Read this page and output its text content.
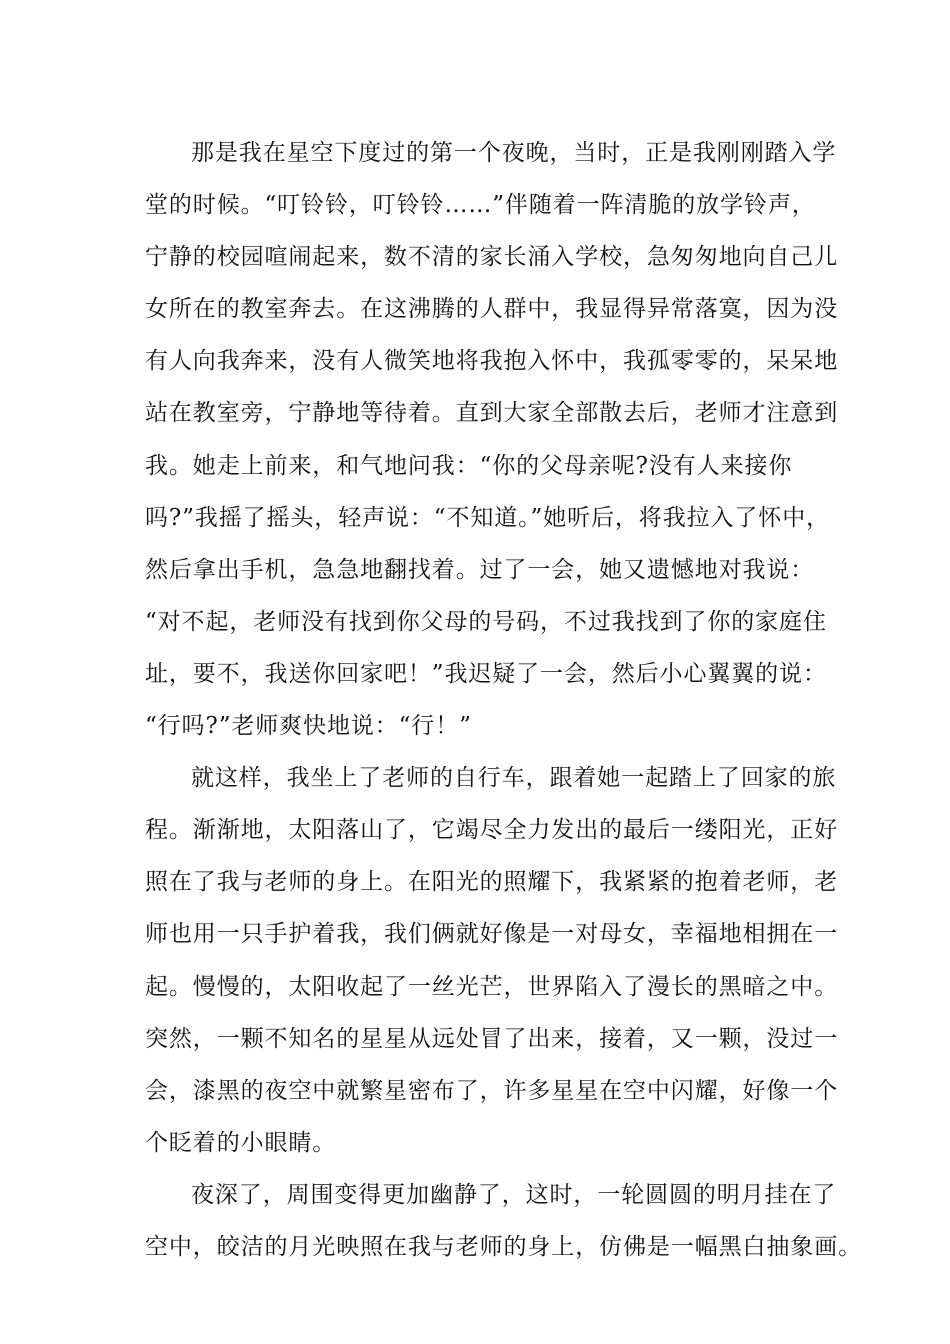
那是我在星空下度过的第一个夜晚，当时，正是我刚刚踏入学
堂的时候。“叮铃铃，叮铃铃……”伴随着一阵清脆的放学铃声，
宁静的校园喧闹起来，数不清的家长涌入学校，急匆匆地向自己儿
女所在的教室奔去。在这沸腾的人群中，我显得异常落寞，因为没
有人向我奔来，没有人微笑地将我抱入怀中，我孤零零的，呆呆地
站在教室旁，宁静地等待着。直到大家全部散去后，老师才注意到
我。她走上前来，和气地问我：“你的父母亲呢?没有人来接你
吗?”我摇了摇头，轻声说：“不知道。”她听后，将我拉入了怀中，
然后拿出手机，急急地翻找着。过了一会，她又遗憾地对我说：
“对不起，老师没有找到你父母的号码，不过我找到了你的家庭住
址，要不，我送你回家吧！”我迟疑了一会，然后小心翼翼的说：
“行吗?”老师爽快地说：“行！”
就这样，我坐上了老师的自行车，跟着她一起踏上了回家的旅
程。渐渐地，太阳落山了，它竭尽全力发出的最后一缕阳光，正好
照在了我与老师的身上。在阳光的照耀下，我紧紧的抱着老师，老
师也用一只手护着我，我们俩就好像是一对母女，幸福地相拥在一
起。慢慢的，太阳收起了一丝光芒，世界陷入了漫长的黑暗之中。
突然，一颗不知名的星星从远处冒了出来，接着，又一颗，没过一
会，漆黑的夜空中就繁星密布了，许多星星在空中闪耀，好像一个
个眨着的小眼睛。
夜深了，周围变得更加幽静了，这时，一轮圆圆的明月挂在了
空中，皎洁的月光映照在我与老师的身上，仿佛是一幅黑白抽象画。
